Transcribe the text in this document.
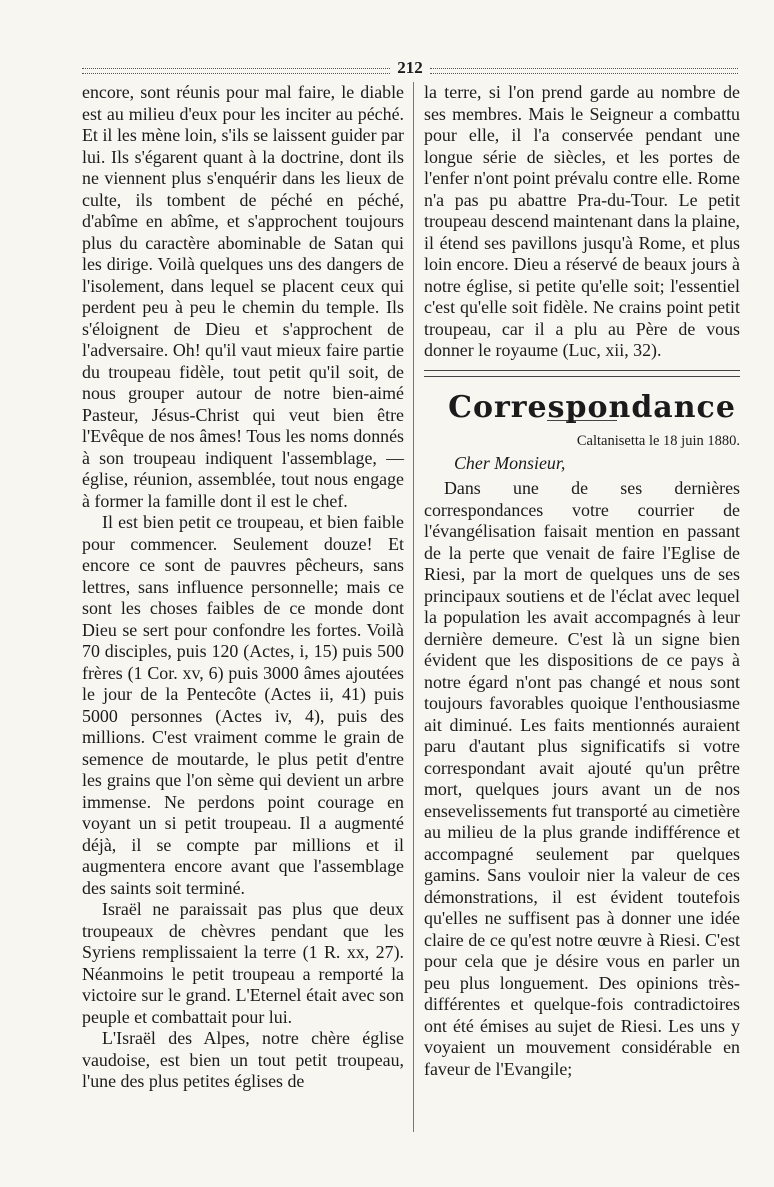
212

encore, sont réunis pour mal faire, le diable est au milieu d'eux pour les inciter au péché. Et il les mène loin, s'ils se laissent guider par lui. Ils s'égarent quant à la doctrine, dont ils ne viennent plus s'enquérir dans les lieux de culte, ils tombent de péché en péché, d'abîme en abîme, et s'approchent toujours plus du caractère abominable de Satan qui les dirige. Voilà quelques uns des dangers de l'isolement, dans lequel se placent ceux qui perdent peu à peu le chemin du temple. Ils s'éloignent de Dieu et s'approchent de l'adversaire. Oh! qu'il vaut mieux faire partie du troupeau fidèle, tout petit qu'il soit, de nous grouper autour de notre bien-aimé Pasteur, Jésus-Christ qui veut bien être l'Evêque de nos âmes! Tous les noms donnés à son troupeau indiquent l'assemblage, — église, réunion, assemblée, tout nous engage à former la famille dont il est le chef.

Il est bien petit ce troupeau, et bien faible pour commencer. Seulement douze! Et encore ce sont de pauvres pêcheurs, sans lettres, sans influence personnelle; mais ce sont les choses faibles de ce monde dont Dieu se sert pour confondre les fortes. Voilà 70 disciples, puis 120 (Actes, i, 15) puis 500 frères (1 Cor. xv, 6) puis 3000 âmes ajoutées le jour de la Pentecôte (Actes ii, 41) puis 5000 personnes (Actes iv, 4), puis des millions. C'est vraiment comme le grain de semence de moutarde, le plus petit d'entre les grains que l'on sème qui devient un arbre immense. Ne perdons point courage en voyant un si petit troupeau. Il a augmenté déjà, il se compte par millions et il augmentera encore avant que l'assemblage des saints soit terminé.

Israël ne paraissait pas plus que deux troupeaux de chèvres pendant que les Syriens remplissaient la terre (1 R. xx, 27). Néanmoins le petit troupeau a remporté la victoire sur le grand. L'Eternel était avec son peuple et combattait pour lui.

L'Israël des Alpes, notre chère église vaudoise, est bien un tout petit troupeau, l'une des plus petites églises de

la terre, si l'on prend garde au nombre de ses membres. Mais le Seigneur a combattu pour elle, il l'a conservée pendant une longue série de siècles, et les portes de l'enfer n'ont point prévalu contre elle. Rome n'a pas pu abattre Pra-du-Tour. Le petit troupeau descend maintenant dans la plaine, il étend ses pavillons jusqu'à Rome, et plus loin encore. Dieu a réservé de beaux jours à notre église, si petite qu'elle soit; l'essentiel c'est qu'elle soit fidèle. Ne crains point petit troupeau, car il a plu au Père de vous donner le royaume (Luc, xii, 32).

Correspondance

Caltanisetta le 18 juin 1880.

Cher Monsieur,

Dans une de ses dernières correspondances votre courrier de l'évangélisation faisait mention en passant de la perte que venait de faire l'Eglise de Riesi, par la mort de quelques uns de ses principaux soutiens et de l'éclat avec lequel la population les avait accompagnés à leur dernière demeure. C'est là un signe bien évident que les dispositions de ce pays à notre égard n'ont pas changé et nous sont toujours favorables quoique l'enthousiasme ait diminué. Les faits mentionnés auraient paru d'autant plus significatifs si votre correspondant avait ajouté qu'un prêtre mort, quelques jours avant un de nos ensevelissements fut transporté au cimetière au milieu de la plus grande indifférence et accompagné seulement par quelques gamins. Sans vouloir nier la valeur de ces démonstrations, il est évident toutefois qu'elles ne suffisent pas à donner une idée claire de ce qu'est notre œuvre à Riesi. C'est pour cela que je désire vous en parler un peu plus longuement. Des opinions très-différentes et quelque-fois contradictoires ont été émises au sujet de Riesi. Les uns y voyaient un mouvement considérable en faveur de l'Evangile;
